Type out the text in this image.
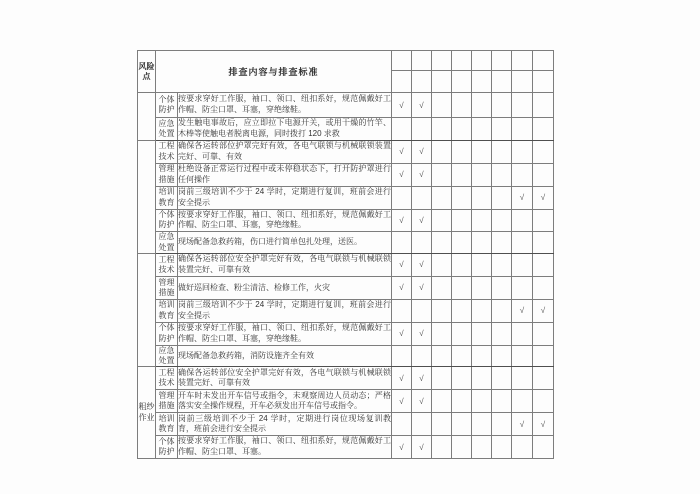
风险点	排查内容与排查标准									

	个体防护	按要求穿好工作服，袖口、领口、纽扣系好，规范佩戴好工作帽、防尘口罩、耳塞，穿绝缘鞋。	√	√						
	应急处置	发生触电事故后，应立即拉下电源开关，或用干燥的竹竿、木棒等使触电者脱离电源，同时拨打 120 求救								
	工程技术	确保各运转部位护罩完好有效，各电气联锁与机械联锁装置完好、可靠、有效	√	√						
	管理措施	杜绝设备正常运行过程中或未停稳状态下，打开防护罩进行任何操作	√	√						
	培训教育	岗前三级培训不少于 24 学时，定期进行复训，班前会进行安全提示							√	√
	个体防护	按要求穿好工作服，袖口、领口、纽扣系好，规范佩戴好工作帽、防尘口罩、耳塞，穿绝缘鞋。	√	√						
	应急处置	现场配备急救药箱，伤口进行简单包扎处理，送医。								
	工程技术	确保各运转部位安全护罩完好有效，各电气联锁与机械联锁装置完好、可靠有效	√	√						
	管理措施	做好巡回检查、粉尘清洁、检修工作，火灾	√	√						
	培训教育	岗前三级培训不少于 24 学时，定期进行复训，班前会进行安全提示							√	√
	个体防护	按要求穿好工作服，袖口、领口、纽扣系好，规范佩戴好工作帽、防尘口罩、耳塞，穿绝缘鞋。	√	√						
	应急处置	现场配备急救药箱，消防设施齐全有效								
粗纱作业	工程技术	确保各运转部位安全护罩完好有效，各电气联锁与机械联锁装置完好、可靠有效	√	√						
	管理措施	开车时未发出开车信号或指令，未观察周边人员动态；严格落实安全操作规程，开车必须发出开车信号或指令。	√	√						
	培训教育	岗前三级培训不少于 24 学时，定期进行岗位现场复训教育，班前会进行安全提示							√	√
	个体防护	按要求穿好工作服，袖口、领口、纽扣系好，规范佩戴好工作帽、防尘口罩、耳塞。	√	√						
